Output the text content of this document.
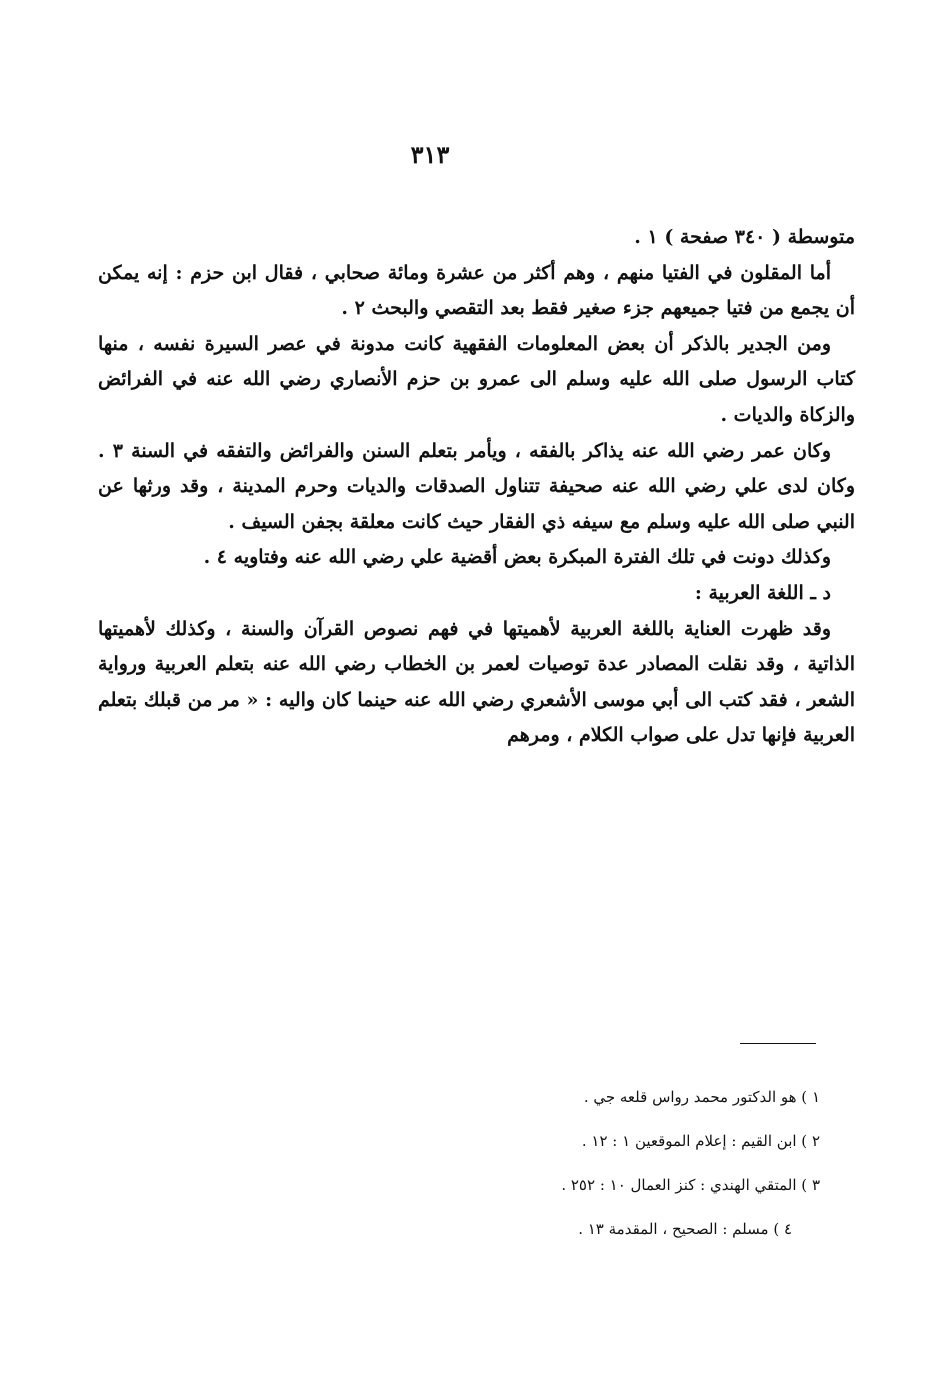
٣١٣

متوسطة ( ٣٤٠ صفحة ) ١ .

أما المقلون في الفتيا منهم ، وهم أكثر من عشرة ومائة صحابي ، فقال ابن حزم : إنه يمكن أن يجمع من فتيا جميعهم جزء صغير فقط بعد التقصي والبحث ٢ .

ومن الجدير بالذكر أن بعض المعلومات الفقهية كانت مدونة في عصر السيرة نفسه ، منها كتاب الرسول صلى الله عليه وسلم الى عمرو بن حزم الأنصاري رضي الله عنه في الفرائض والزكاة والديات .

وكان عمر رضي الله عنه يذاكر بالفقه ، ويأمر بتعلم السنن والفرائض والتفقه في السنة ٣ . وكان لدى علي رضي الله عنه صحيفة تتناول الصدقات والديات وحرم المدينة ، وقد ورثها عن النبي صلى الله عليه وسلم مع سيفه ذي الفقار حيث كانت معلقة بجفن السيف .

وكذلك دونت في تلك الفترة المبكرة بعض أقضية علي رضي الله عنه وفتاويه ٤ .

د ـ اللغة العربية :

وقد ظهرت العناية باللغة العربية لأهميتها في فهم نصوص القرآن والسنة ، وكذلك لأهميتها الذاتية ، وقد نقلت المصادر عدة توصيات لعمر بن الخطاب رضي الله عنه بتعلم العربية ورواية الشعر ، فقد كتب الى أبي موسى الأشعري رضي الله عنه حينما كان واليه : « مر من قبلك بتعلم العربية فإنها تدل على صواب الكلام ، ومرهم

١ ) هو الدكتور محمد رواس قلعه جي .
٢ ) ابن القيم : إعلام الموقعين ١ : ١٢ .
٣ ) المتقي الهندي : كنز العمال ١٠ : ٢٥٢ .
٤ ) مسلم : الصحيح ، المقدمة ١٣ .
